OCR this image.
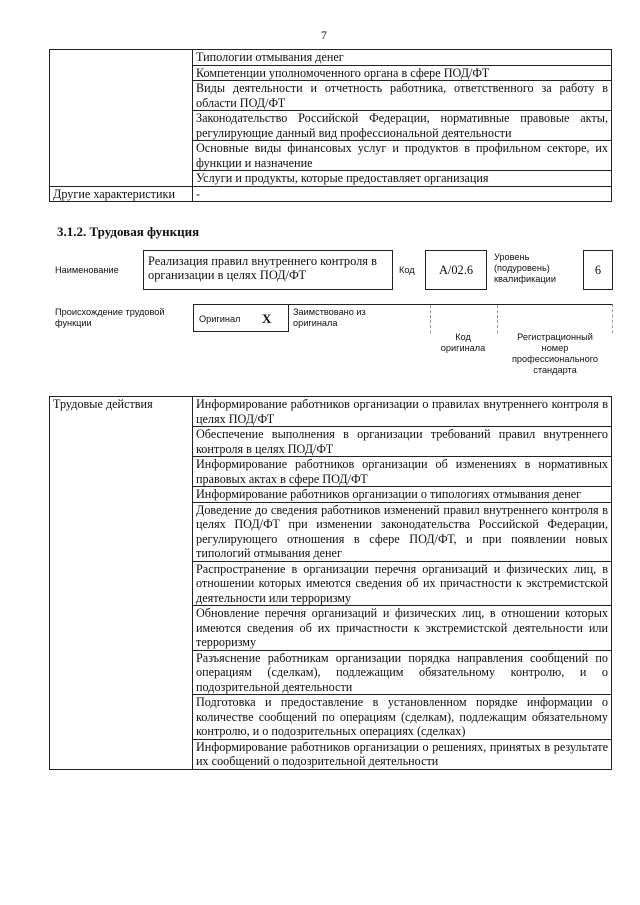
7
	Типологии отмывания денег
	Компетенции уполномоченного органа в сфере ПОД/ФТ
	Виды деятельности и отчетность работника, ответственного за работу в области ПОД/ФТ
	Законодательство Российской Федерации, нормативные правовые акты, регулирующие данный вид профессиональной деятельности
	Основные виды финансовых услуг и продуктов в профильном секторе, их функции и назначение
	Услуги и продукты, которые предоставляет организация
Другие характеристики	-
3.1.2. Трудовая функция
Наименование
Реализация правил внутреннего контроля в организации в целях ПОД/ФТ	Код	А/02.6
Уровень (подуровень) квалификации
6
Происхождение трудовой функции	Оригинал X Заимствовано из оригинала
Код оригинала
Регистрационный номер профессионального стандарта
Трудовые действия	Информирование работников организации о правилах внутреннего контроля в целях ПОД/ФТ
Обеспечение выполнения в организации требований правил внутреннего контроля в целях ПОД/ФТ
Информирование работников организации об изменениях в нормативных правовых актах в сфере ПОД/ФТ
Информирование работников организации о типологиях отмывания денег
Доведение до сведения работников изменений правил внутреннего контроля в целях ПОД/ФТ при изменении законодательства Российской Федерации, регулирующего отношения в сфере ПОД/ФТ, и при появлении новых типологий отмывания денег
Распространение в организации перечня организаций и физических лиц, в отношении которых имеются сведения об их причастности к экстремистской деятельности или терроризму
Обновление перечня организаций и физических лиц, в отношении которых имеются сведения об их причастности к экстремистской деятельности или терроризму
Разъяснение работникам организации порядка направления сообщений по операциям (сделкам), подлежащим обязательному контролю, и о подозрительной деятельности
Подготовка и предоставление в установленном порядке информации о количестве сообщений по операциям (сделкам), подлежащим обязательному контролю, и о подозрительных операциях (сделках)
Информирование работников организации о решениях, принятых в результате их сообщений о подозрительной деятельности
